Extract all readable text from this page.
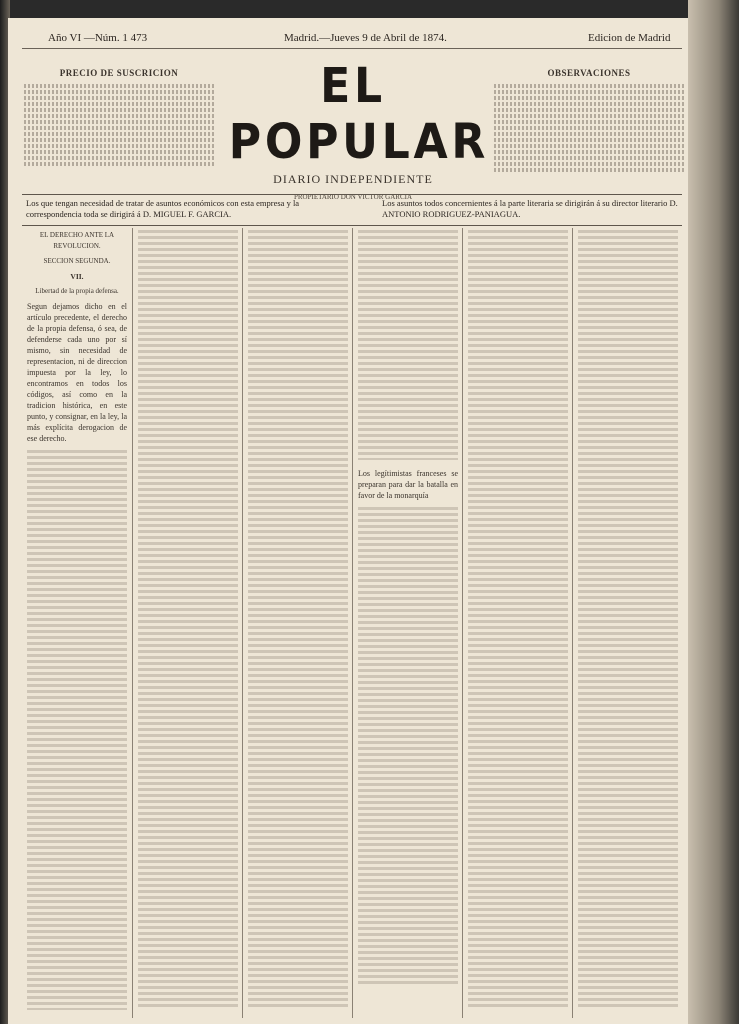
Año VI —Núm. 1 473	Madrid.—Jueves 9 de Abril de 1874.	Edicion de Madrid
PRECIO DE SUSCRICION	EL POPULAR
DIARIO INDEPENDIENTE
PROPIETARIO DON VICTOR GARCIA
OBSERVACIONES
Los que tengan necesidad de tratar de asuntos económicos con esta empresa y la correspondencia toda se dirigirá á D. MIGUEL F. GARCIA.
Los asuntos todos concernientes á la parte literaria se dirigirán á su director literario D. ANTONIO RODRIGUEZ-PANIAGUA.
EL DERECHO ANTE LA REVOLUCION.
SECCION SEGUNDA.
VII.
Libertad de la propia defensa.
Segun dejamos dicho en el artículo precedente, el derecho de la propia defensa, ó sea, de defenderse cada uno por sí mismo, sin necesidad de representacion, ni de direccion impuesta por la ley, lo encontramos en todos los códigos, así como en la tradicion histórica, en este punto, y consignar, en la ley, la más explícita derogacion de ese derecho.
Los legítimistas franceses se preparan para dar la batalla en favor de la monarquía
